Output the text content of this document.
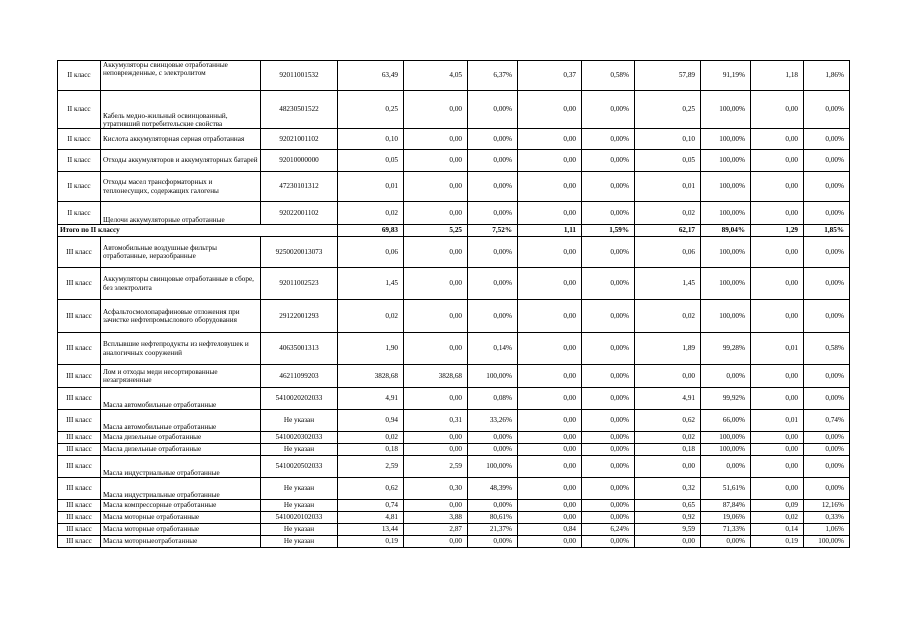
II класс	Аккумуляторы свинцовые отработанные неповрежденные, с электролитом	92011001532	63,49	4,05	6,37%	0,37	0,58%	57,89	91,19%	1,18	1,86%
II класс	Кабель медно-жильный освинцованный, утративший потребительские свойства	48230501522	0,25	0,00	0,00%	0,00	0,00%	0,25	100,00%	0,00	0,00%
II класс	Кислота аккумуляторная серная отработанная	92021001102	0,10	0,00	0,00%	0,00	0,00%	0,10	100,00%	0,00	0,00%
II класс	Отходы аккумуляторов и аккумуляторных батарей	92010000000	0,05	0,00	0,00%	0,00	0,00%	0,05	100,00%	0,00	0,00%
II класс	Отходы масел трансформаторных и теплонесущих, содержащих галогены	47230101312	0,01	0,00	0,00%	0,00	0,00%	0,01	100,00%	0,00	0,00%
II класс	Щелочи аккумуляторные отработанные	92022001102	0,02	0,00	0,00%	0,00	0,00%	0,02	100,00%	0,00	0,00%
Итого по II классу			69,83	5,25	7,52%	1,11	1,59%	62,17	89,04%	1,29	1,85%
III класс	Автомобильные воздушные фильтры отработанные, неразобранные	9250020013073	0,06	0,00	0,00%	0,00	0,00%	0,06	100,00%	0,00	0,00%
III класс	Аккумуляторы свинцовые отработанные в сборе, без электролита	92011002523	1,45	0,00	0,00%	0,00	0,00%	1,45	100,00%	0,00	0,00%
III класс	Асфальтосмолопарафиновые отложения при зачистке нефтепромыслового оборудования	29122001293	0,02	0,00	0,00%	0,00	0,00%	0,02	100,00%	0,00	0,00%
III класс	Всплывшие нефтепродукты из нефтеловушек и аналогичных сооружений	40635001313	1,90	0,00	0,14%	0,00	0,00%	1,89	99,28%	0,01	0,58%
III класс	Лом и отходы меди несортированные незагрязненные	46211099203	3828,68	3828,68	100,00%	0,00	0,00%	0,00	0,00%	0,00	0,00%
III класс	Масла автомобильные отработанные	5410020202033	4,91	0,00	0,08%	0,00	0,00%	4,91	99,92%	0,00	0,00%
III класс	Масла автомобильные отработанные	Не указан	0,94	0,31	33,26%	0,00	0,00%	0,62	66,00%	0,01	0,74%
III класс	Масла дизельные отработанные	5410020302033	0,02	0,00	0,00%	0,00	0,00%	0,02	100,00%	0,00	0,00%
III класс	Масла дизельные отработанные	Не указан	0,18	0,00	0,00%	0,00	0,00%	0,18	100,00%	0,00	0,00%
III класс	Масла индустриальные отработанные	5410020502033	2,59	2,59	100,00%	0,00	0,00%	0,00	0,00%	0,00	0,00%
III класс	Масла индустриальные отработанные	Не указан	0,62	0,30	48,39%	0,00	0,00%	0,32	51,61%	0,00	0,00%
III класс	Масла компрессорные отработанные	Не указан	0,74	0,00	0,00%	0,00	0,00%	0,65	87,84%	0,09	12,16%
III класс	Масла моторные отработанные	5410020102033	4,81	3,88	80,61%	0,00	0,00%	0,92	19,06%	0,02	0,33%
III класс	Масла моторные отработанные	Не указан	13,44	2,87	21,37%	0,84	6,24%	9,59	71,33%	0,14	1,06%
III класс	Масла моторныеотработанные	Не указан	0,19	0,00	0,00%	0,00	0,00%	0,00	0,00%	0,19	100,00%
